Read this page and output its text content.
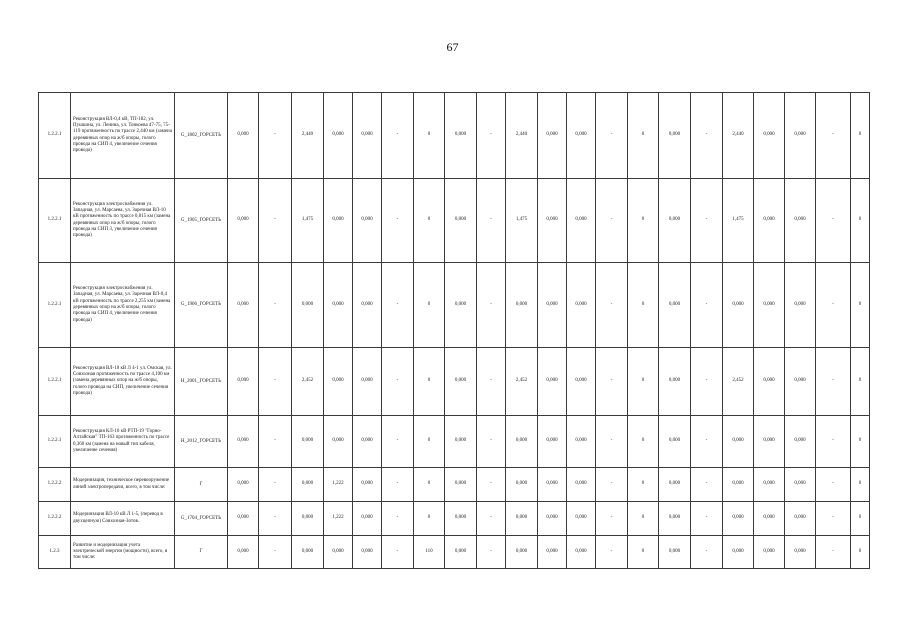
67
1.2.2.1	Реконструкция ВЛ-0,4 кВ, ТП-182, ул. Пушкина, ул. Ленина, ул. Тонкоева 47-75, 75-119 протяженность по трассе 2,440 км (замена деревянных опор на ж/б опоры, голого провода на СИП 4, увеличение сечения провода)	G_1802_ГОРСЕТЬ	0,000	-	2,440	0,000	0,000	-	0	0,000	-	2,440	0,000	0,000	-	0	0,000	-	2,440	0,000	0,000	-	0
1.2.2.1	Реконструкция электроснабжения ул. Западная, ул. Марсаева, ул. Заречная ВЛ-10 кВ протяженность по трассе 0,815 км (замена деревянных опор на ж/б опоры, голого провода на СИП 3, увеличение сечения провода)	G_1905_ГОРСЕТЬ	0,000	-	1,475	0,000	0,000	-	0	0,000	-	1,475	0,000	0,000	-	0	0,000	-	1,475	0,000	0,000	-	0
1.2.2.1	Реконструкция электроснабжения ул. Западная, ул. Марсаева, ул. Заречная ВЛ-0,4 кВ протяженность по трассе 2,255 км (замена деревянных опор на ж/б опоры, голого провода на СИП 4, увеличение сечения провода)	G_1906_ГОРСЕТЬ	0,000	-	0,000	0,000	0,000	-	0	0,000	-	0,000	0,000	0,000	-	0	0,000	-	0,000	0,000	0,000	-	0
1.2.2.1	Реконструкция ВЛ-10 кВ Л 4-1 ул. Омская, ул. Совхозная протяженность по трассе 4,100 км (замена деревянных опор на ж/б опоры, голого провода на СИП, увеличение сечения провода)	H_2001_ГОРСЕТЬ	0,000	-	2,452	0,000	0,000	-	0	0,000	-	2,452	0,000	0,000	-	0	0,000	-	2,452	0,000	0,000	-	0
1.2.2.1	Реконструкция КЛ-10 кВ РТП-19 "Горно-Алтайская" ТП-163 протяженность по трассе 0,360 км (замена на новый тип кабеля, увеличение сечения)	H_2012_ГОРСЕТЬ	0,000	-	0,000	0,000	0,000	-	0	0,000	-	0,000	0,000	0,000	-	0	0,000	-	0,000	0,000	0,000	-	0
1.2.2.2	Модернизация, техническое перевооружение линий электропередачи, всего, в том числе:	Г	0,000	-	0,000	1,222	0,000	-	0	0,000	-	0,000	0,000	0,000	-	0	0,000	-	0,000	0,000	0,000	-	0
1.2.2.2	Модернизация ВЛ-10 кВ Л 1-5, (перевод в двухцепную) Совхозная-Зотов.	G_1704_ГОРСЕТЬ	0,000	-	0,000	1,222	0,000	-	0	0,000	-	0,000	0,000	0,000	-	0	0,000	-	0,000	0,000	0,000	-	0
1.2.3	Развитие и модернизация учета электрической энергии (мощности), всего, в том числе:	Г	0,000	-	0,000	0,000	0,000	-	110	0,000	-	0,000	0,000	0,000	-	0	0,000	-	0,000	0,000	0,000	-	0
